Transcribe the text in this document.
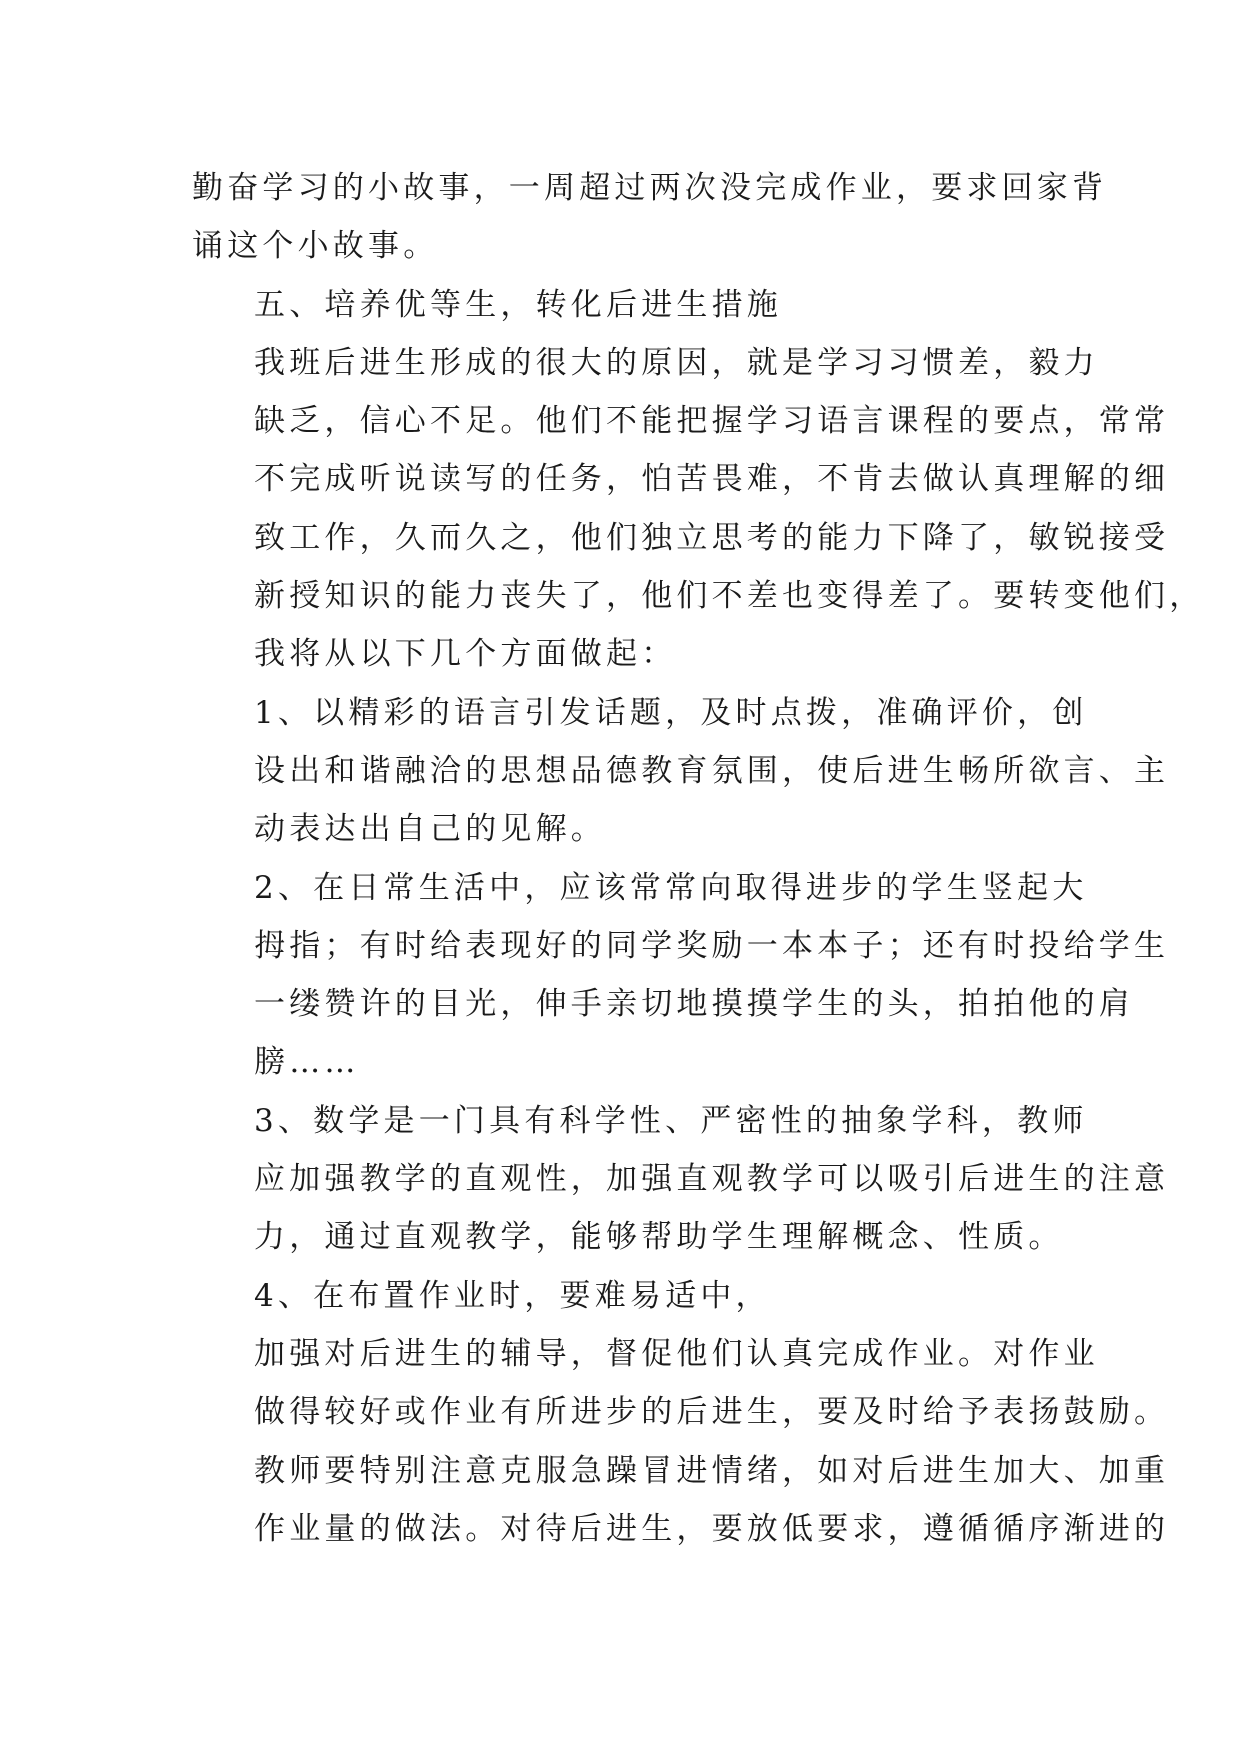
勤奋学习的小故事，一周超过两次没完成作业，要求回家背
诵这个小故事。

五、培养优等生，转化后进生措施

我班后进生形成的很大的原因，就是学习习惯差，毅力
缺乏，信心不足。他们不能把握学习语言课程的要点，常常
不完成听说读写的任务，怕苦畏难，不肯去做认真理解的细
致工作，久而久之，他们独立思考的能力下降了，敏锐接受
新授知识的能力丧失了，他们不差也变得差了。要转变他们，
我将从以下几个方面做起：

1、以精彩的语言引发话题，及时点拨，准确评价，创
设出和谐融洽的思想品德教育氛围，使后进生畅所欲言、主
动表达出自己的见解。

2、在日常生活中，应该常常向取得进步的学生竖起大
拇指；有时给表现好的同学奖励一本本子；还有时投给学生
一缕赞许的目光，伸手亲切地摸摸学生的头，拍拍他的肩
膀……

3、数学是一门具有科学性、严密性的抽象学科，教师
应加强教学的直观性，加强直观教学可以吸引后进生的注意
力，通过直观教学，能够帮助学生理解概念、性质。

4、在布置作业时，要难易适中，

加强对后进生的辅导，督促他们认真完成作业。对作业
做得较好或作业有所进步的后进生，要及时给予表扬鼓励。
教师要特别注意克服急躁冒进情绪，如对后进生加大、加重
作业量的做法。对待后进生，要放低要求，遵循循序渐进的
